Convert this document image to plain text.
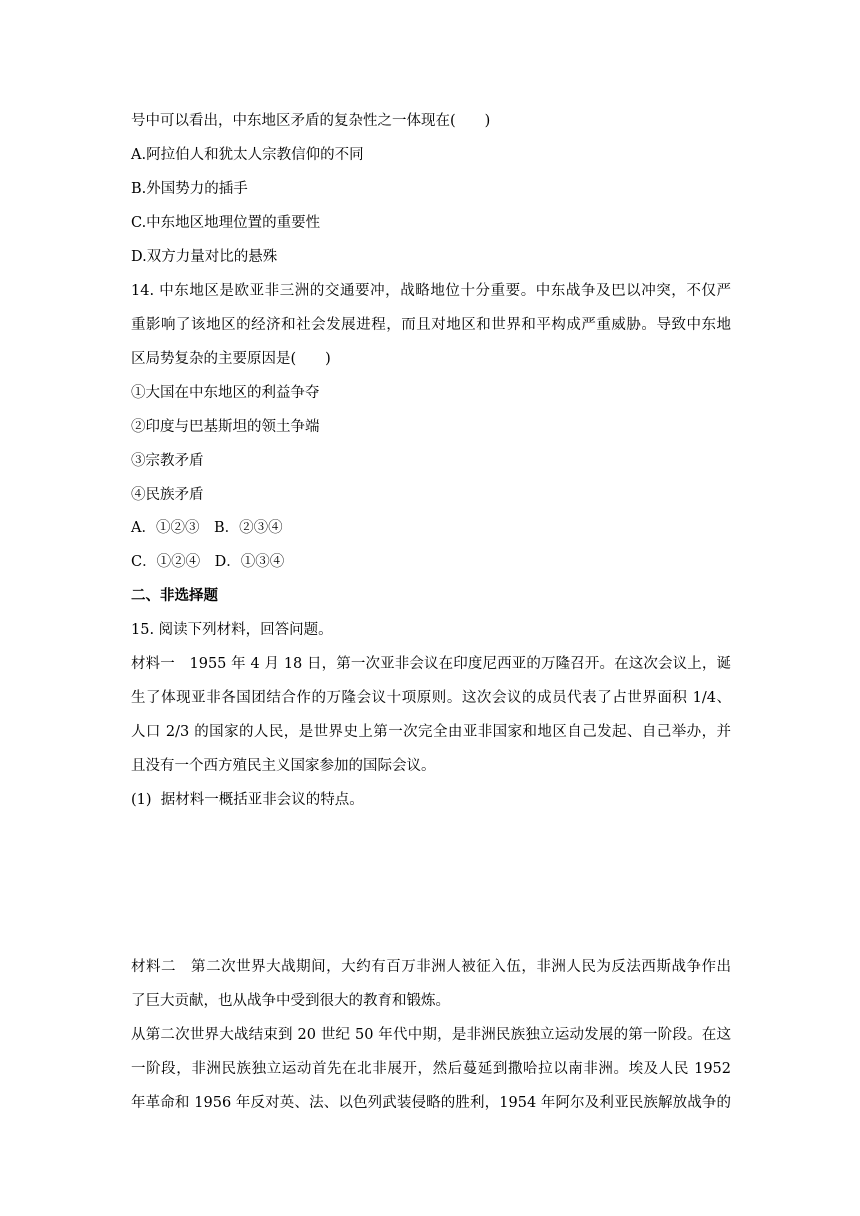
号中可以看出，中东地区矛盾的复杂性之一体现在(　　)
A.阿拉伯人和犹太人宗教信仰的不同
B.外国势力的插手
C.中东地区地理位置的重要性
D.双方力量对比的悬殊
14. 中东地区是欧亚非三洲的交通要冲，战略地位十分重要。中东战争及巴以冲突，不仅严
重影响了该地区的经济和社会发展进程，而且对地区和世界和平构成严重威胁。导致中东地
区局势复杂的主要原因是(　　)
①大国在中东地区的利益争夺
②印度与巴基斯坦的领土争端
③宗教矛盾
④民族矛盾
A．①②③　B．②③④
C．①②④　D．①③④
二、非选择题
15. 阅读下列材料，回答问题。
材料一　1955 年 4 月 18 日，第一次亚非会议在印度尼西亚的万隆召开。在这次会议上，诞
生了体现亚非各国团结合作的万隆会议十项原则。这次会议的成员代表了占世界面积 1/4、
人口 2/3 的国家的人民，是世界史上第一次完全由亚非国家和地区自己发起、自己举办，并
且没有一个西方殖民主义国家参加的国际会议。
(1)  据材料一概括亚非会议的特点。
材料二　第二次世界大战期间，大约有百万非洲人被征入伍，非洲人民为反法西斯战争作出
了巨大贡献，也从战争中受到很大的教育和锻炼。
从第二次世界大战结束到 20 世纪 50 年代中期，是非洲民族独立运动发展的第一阶段。在这
一阶段，非洲民族独立运动首先在北非展开，然后蔓延到撒哈拉以南非洲。埃及人民 1952
年革命和 1956 年反对英、法、以色列武装侵略的胜利，1954 年阿尔及利亚民族解放战争的
